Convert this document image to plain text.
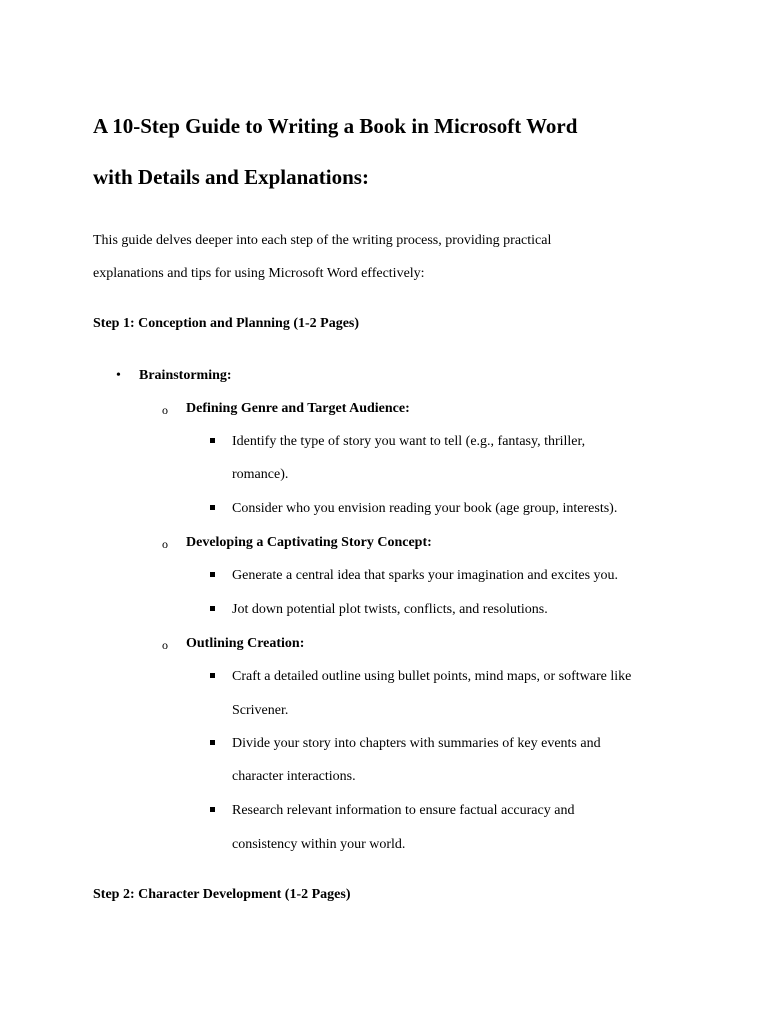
A 10-Step Guide to Writing a Book in Microsoft Word
with Details and Explanations:
This guide delves deeper into each step of the writing process, providing practical
explanations and tips for using Microsoft Word effectively:
Step 1: Conception and Planning (1-2 Pages)
• Brainstorming:
o Defining Genre and Target Audience:
Identify the type of story you want to tell (e.g., fantasy, thriller,
romance).
Consider who you envision reading your book (age group, interests).
o Developing a Captivating Story Concept:
Generate a central idea that sparks your imagination and excites you.
Jot down potential plot twists, conflicts, and resolutions.
o Outlining Creation:
Craft a detailed outline using bullet points, mind maps, or software like
Scrivener.
Divide your story into chapters with summaries of key events and
character interactions.
Research relevant information to ensure factual accuracy and
consistency within your world.
Step 2: Character Development (1-2 Pages)
